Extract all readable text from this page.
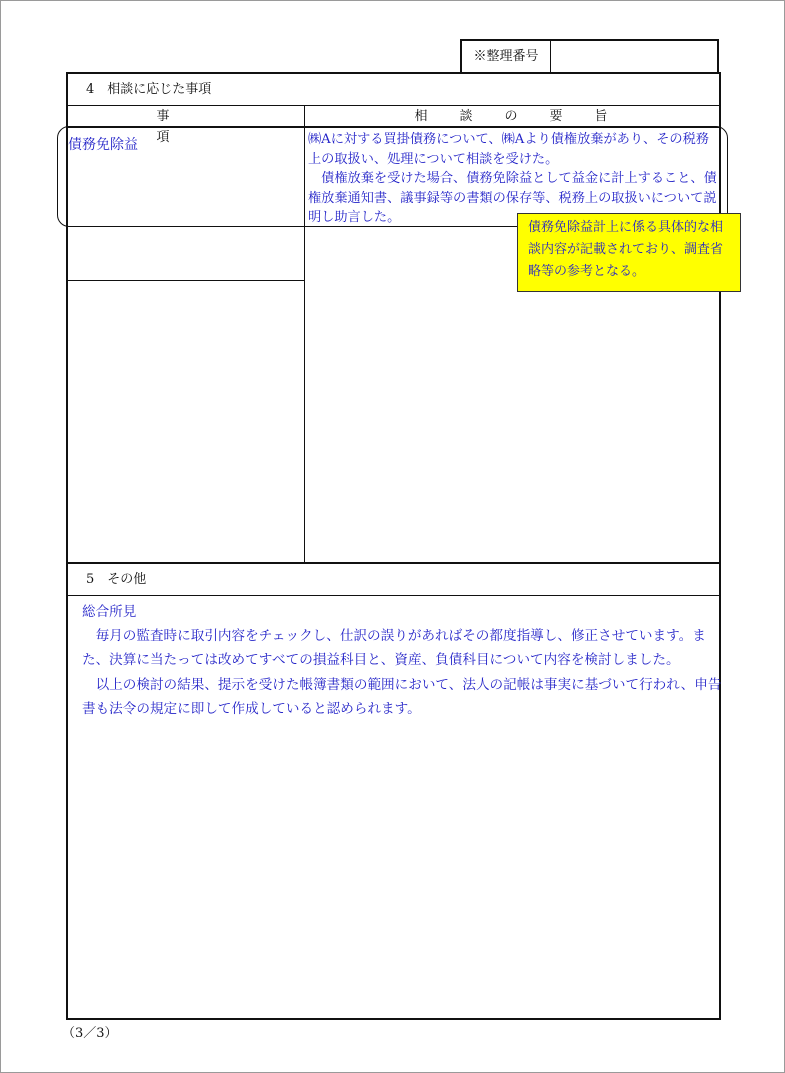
※整理番号
4　相談に応じた事項
事項
相談の要旨
債務免除益	㈱Aに対する買掛債務について、㈱Aより債権放棄があり、その税務上の取扱い、処理について相談を受けた。

　債権放棄を受けた場合、債務免除益として益金に計上すること、債権放棄通知書、議事録等の書類の保存等、税務上の取扱いについて説明し助言した。

5　その他

総合所見

　毎月の監査時に取引内容をチェックし、仕訳の誤りがあればその都度指導し、修正させています。また、決算に当たっては改めてすべての損益科目と、資産、負債科目について内容を検討しました。

　以上の検討の結果、提示を受けた帳簿書類の範囲において、法人の記帳は事実に基づいて行われ、申告書も法令の規定に即して作成していると認められます。

債務免除益計上に係る具体的な相談内容が記載されており、調査省略等の参考となる。
（3／3）
